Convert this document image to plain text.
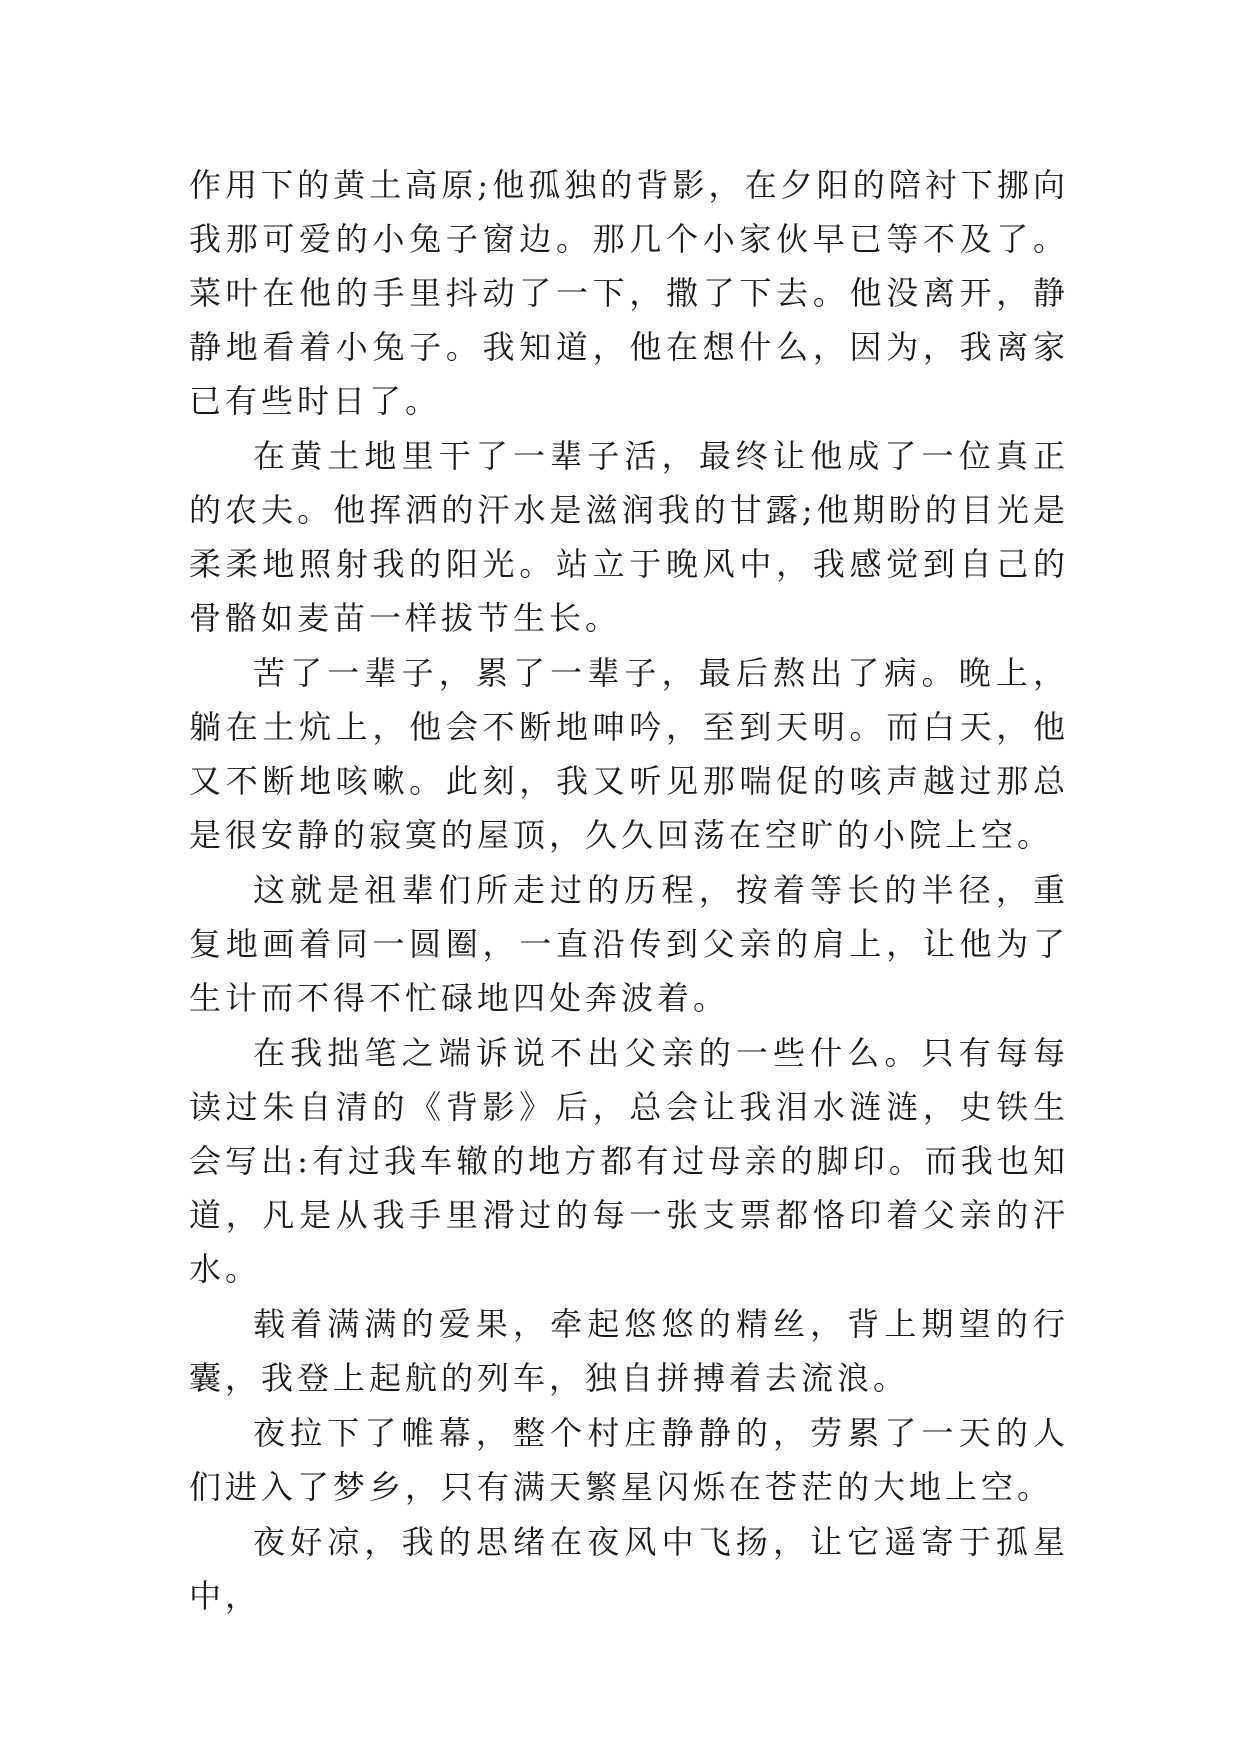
作用下的黄土高原;他孤独的背影，在夕阳的陪衬下挪向我那可爱的小兔子窗边。那几个小家伙早已等不及了。菜叶在他的手里抖动了一下，撒了下去。他没离开，静静地看着小兔子。我知道，他在想什么，因为，我离家已有些时日了。

在黄土地里干了一辈子活，最终让他成了一位真正的农夫。他挥洒的汗水是滋润我的甘露;他期盼的目光是柔柔地照射我的阳光。站立于晚风中，我感觉到自己的骨骼如麦苗一样拔节生长。

苦了一辈子，累了一辈子，最后熬出了病。晚上，躺在土炕上，他会不断地呻吟，至到天明。而白天，他又不断地咳嗽。此刻，我又听见那喘促的咳声越过那总是很安静的寂寞的屋顶，久久回荡在空旷的小院上空。

这就是祖辈们所走过的历程，按着等长的半径，重复地画着同一圆圈，一直沿传到父亲的肩上，让他为了生计而不得不忙碌地四处奔波着。

在我拙笔之端诉说不出父亲的一些什么。只有每每读过朱自清的《背影》后，总会让我泪水涟涟，史铁生会写出:有过我车辙的地方都有过母亲的脚印。而我也知道，凡是从我手里滑过的每一张支票都恪印着父亲的汗水。

载着满满的爱果，牵起悠悠的精丝，背上期望的行囊，我登上起航的列车，独自拼搏着去流浪。

夜拉下了帷幕，整个村庄静静的，劳累了一天的人们进入了梦乡，只有满天繁星闪烁在苍茫的大地上空。

夜好凉，我的思绪在夜风中飞扬，让它遥寄于孤星中，
